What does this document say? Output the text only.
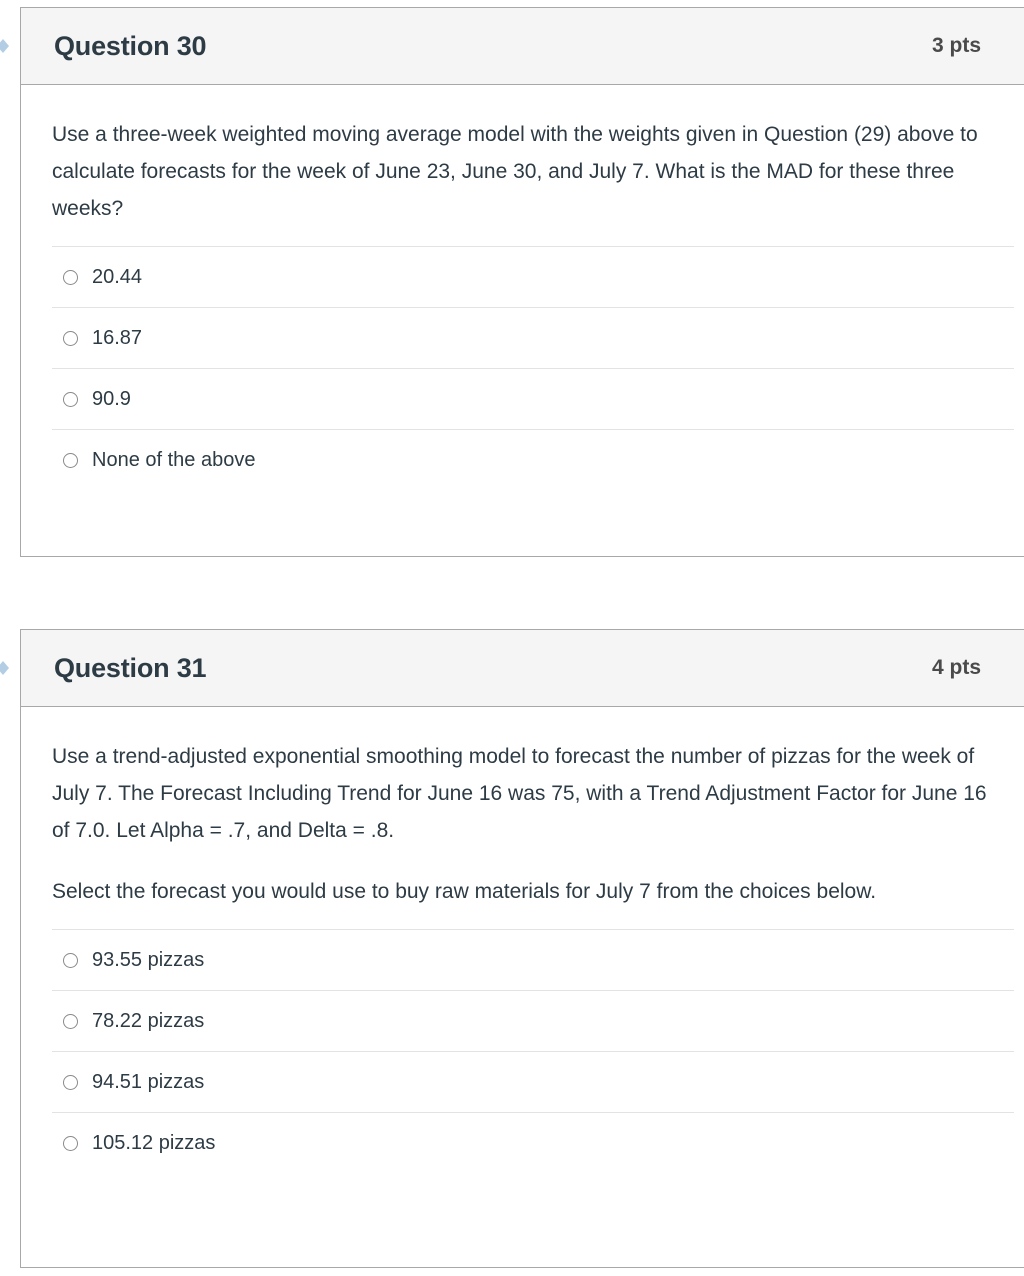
Question 30	3 pts

Use a three-week weighted moving average model with the weights given in Question (29) above to calculate forecasts for the week of June 23, June 30, and July 7. What is the MAD for these three weeks?

20.44
16.87
90.9
None of the above
Question 31	4 pts

Use a trend-adjusted exponential smoothing model to forecast the number of pizzas for the week of July 7. The Forecast Including Trend for June 16 was 75, with a Trend Adjustment Factor for June 16 of 7.0. Let Alpha = .7, and Delta = .8.

Select the forecast you would use to buy raw materials for July 7 from the choices below.

93.55 pizzas
78.22 pizzas
94.51 pizzas
105.12 pizzas
